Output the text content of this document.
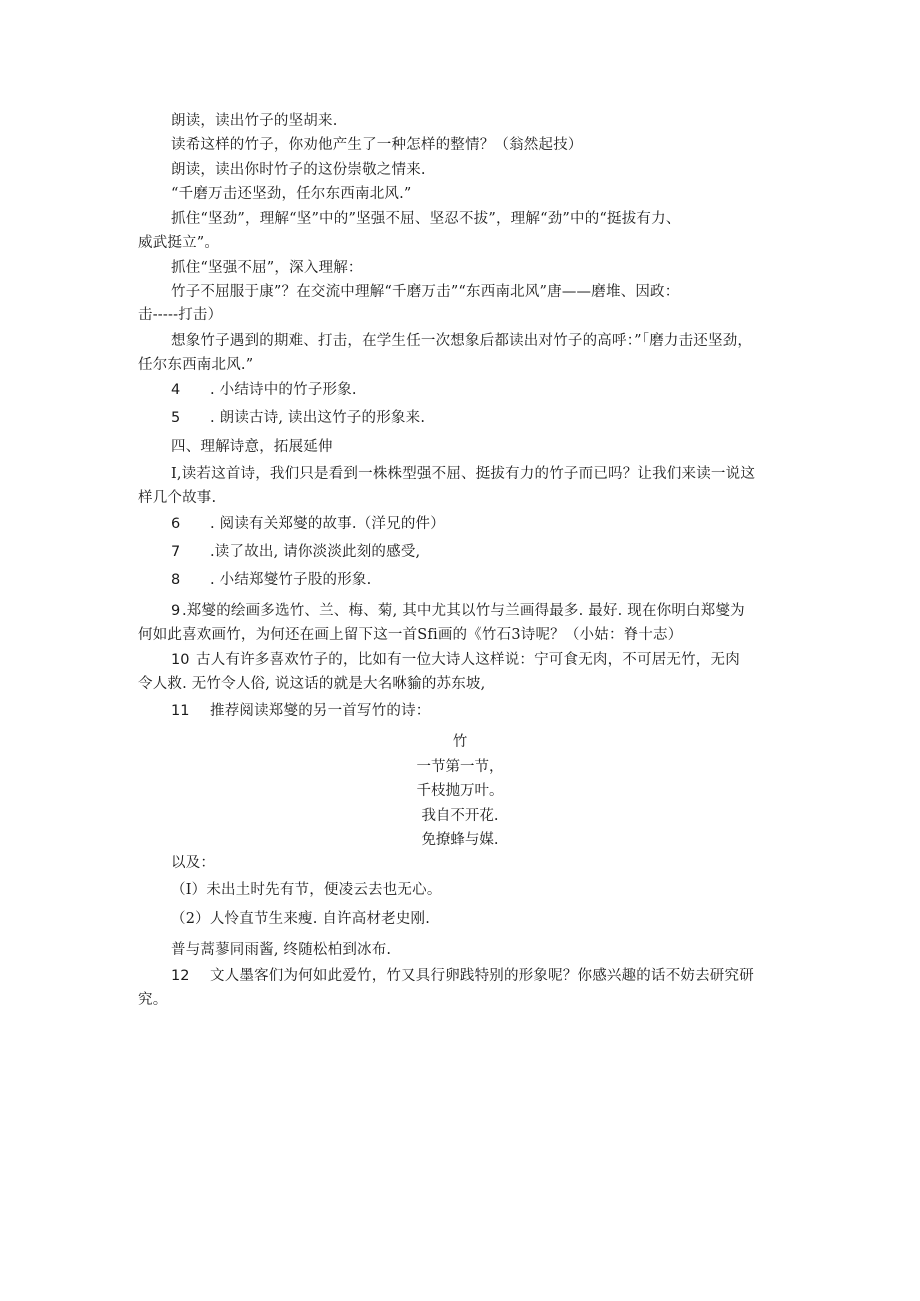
朗读，读出竹子的坚胡来.
读希这样的竹子，你劝他产生了一种怎样的整情？（翁然起技）
朗读，读出你时竹子的这份崇敬之情来.
“千磨万击还坚劲，任尔东西南北风.”
抓住“坚劲”，理解“坚”中的”坚强不屈、坚忍不拔”，理解“劲”中的“挺拔有力、
威武挺立”。
抓住“坚强不屈”，深入理解：
竹子不屈服于康”？在交流中理解“千磨万击”“东西南北风”唐——磨堆、因政：
击-----打击）
想象竹子遇到的期难、打击，在学生任一次想象后都读出对竹子的高呼：”「磨力击还坚劲，
任尔东西南北风.”
4 . 小结诗中的竹子形象.
5 . 朗读古诗, 读出这竹子的形象来.
四、理解诗意，拓展延伸
I,读若这首诗，我们只是看到一株株型强不屈、挺拔有力的竹子而已吗？让我们来读一说这
样几个故事.
6 . 阅读有关郑燮的故事.（洋兄的件）
7 .读了故出, 请你淡淡此刻的感受,
8 . 小结郑燮竹子股的形象.
9 .郑燮的绘画多选竹、兰、梅、菊, 其中尤其以竹与兰画得最多. 最好. 现在你明白郑燮为
何如此喜欢画竹，为何还在画上留下这一首Sfi画的《竹石3诗呢？（小姑：脊十志）
10 古人有许多喜欢竹子的，比如有一位大诗人这样说：宁可食无肉，不可居无竹，无肉
令人救. 无竹令人俗, 说这话的就是大名咻貐的苏东坡,
11 推荐阅读郑燮的另一首写竹的诗：
竹
一节第一节，
千枝抛万叶。
我自不开花.
免撩蜂与媒.
以及：
（I）未出土时先有节，便凌云去也无心。
（2）人怜直节生来瘦. 自许高材老史刚.
普与蒿蓼同雨酱, 终随松柏到冰布.
12 文人墨客们为何如此爱竹，竹又具行卵践特别的形象呢？你感兴趣的话不妨去研究研
究。
